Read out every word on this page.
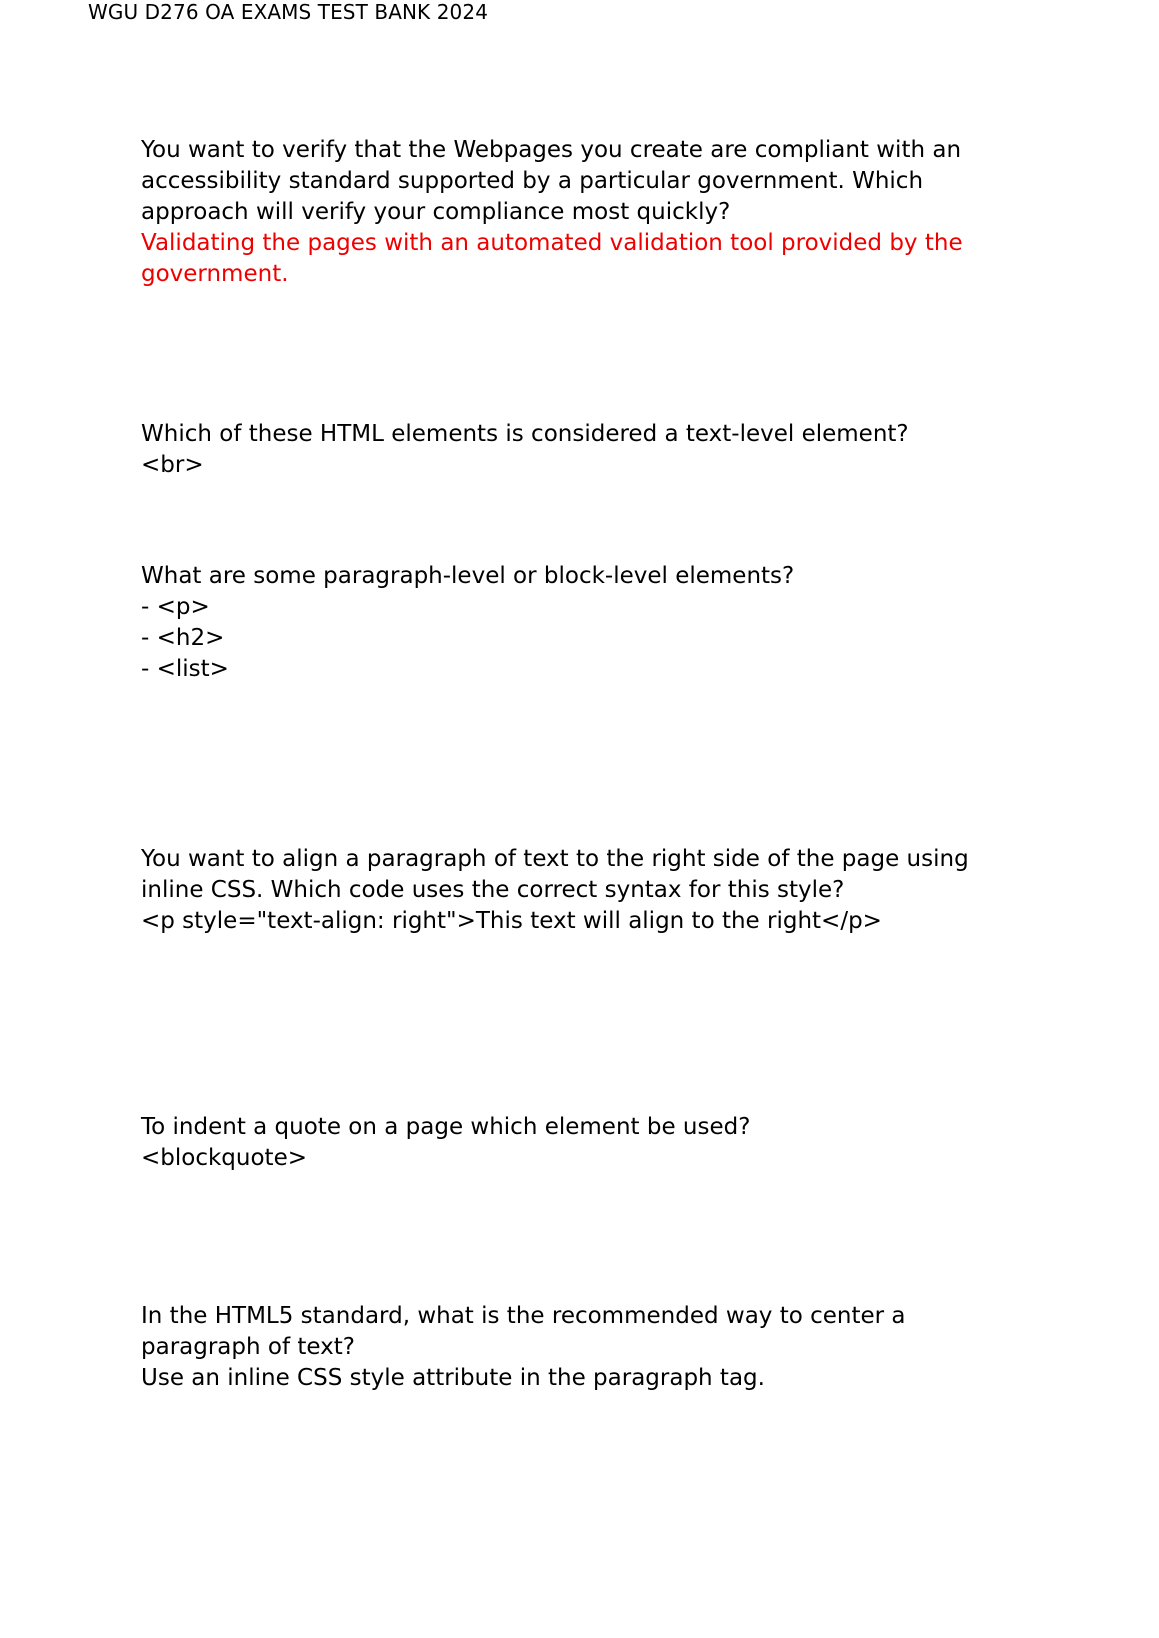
WGU D276 OA EXAMS TEST BANK 2024

You want to verify that the Webpages you create are compliant with an accessibility standard supported by a particular government. Which approach will verify your compliance most quickly?

Validating the pages with an automated validation tool provided by the government.

Which of these HTML elements is considered a text-level element?

<br>

What are some paragraph-level or block-level elements?

- <p>

- <h2>

- <list>

You want to align a paragraph of text to the right side of the page using inline CSS. Which code uses the correct syntax for this style?

<p style="text-align: right">This text will align to the right</p>

To indent a quote on a page which element be used?

<blockquote>

In the HTML5 standard, what is the recommended way to center a paragraph of text?

Use an inline CSS style attribute in the paragraph tag.
